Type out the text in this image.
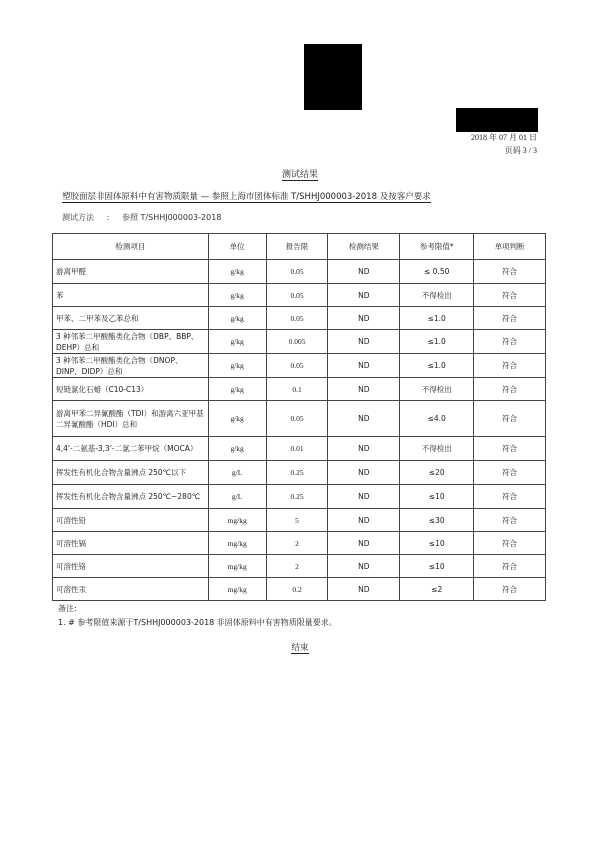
2018 年 07 月 01 日
页码 3 / 3
测试结果
塑胶面层非固体原料中有害物质限量 — 参照上海市团体标准 T/SHHJ000003-2018 及按客户要求
测试方法 : 参照 T/SHHJ000003-2018
检测项目	单位	报告限	检测结果	参考限值*	单项判断
游离甲醛	g/kg	0.05	ND	≤ 0.50	符合
苯	g/kg	0.05	ND	不得检出	符合
甲苯、二甲苯及乙苯总和	g/kg	0.05	ND	≤1.0	符合
3 种邻苯二甲酸酯类化合物（DBP、BBP、DEHP）总和	g/kg	0.005	ND	≤1.0	符合
3 种邻苯二甲酸酯类化合物（DNOP、DINP、DIDP）总和	g/kg	0.05	ND	≤1.0	符合
短链氯化石蜡（C10-C13）	g/kg	0.1	ND	不得检出	符合
游离甲苯二异氰酸酯（TDI）和游离六亚甲基二异氰酸酯（HDI）总和	g/kg	0.05	ND	≤4.0	符合
4,4'-二氨基-3,3'-二氯二苯甲烷（MOCA）	g/kg	0.01	ND	不得检出	符合
挥发性有机化合物含量沸点 250℃以下	g/L	0.25	ND	≤20	符合
挥发性有机化合物含量沸点 250℃~280℃	g/L	0.25	ND	≤10	符合
可溶性铅	mg/kg	5	ND	≤30	符合
可溶性镉	mg/kg	2	ND	≤10	符合
可溶性铬	mg/kg	2	ND	≤10	符合
可溶性汞	mg/kg	0.2	ND	≤2	符合
备注:
1. # 参考限值来源于T/SHHJ000003-2018 非固体原料中有害物质限量要求。
结束
